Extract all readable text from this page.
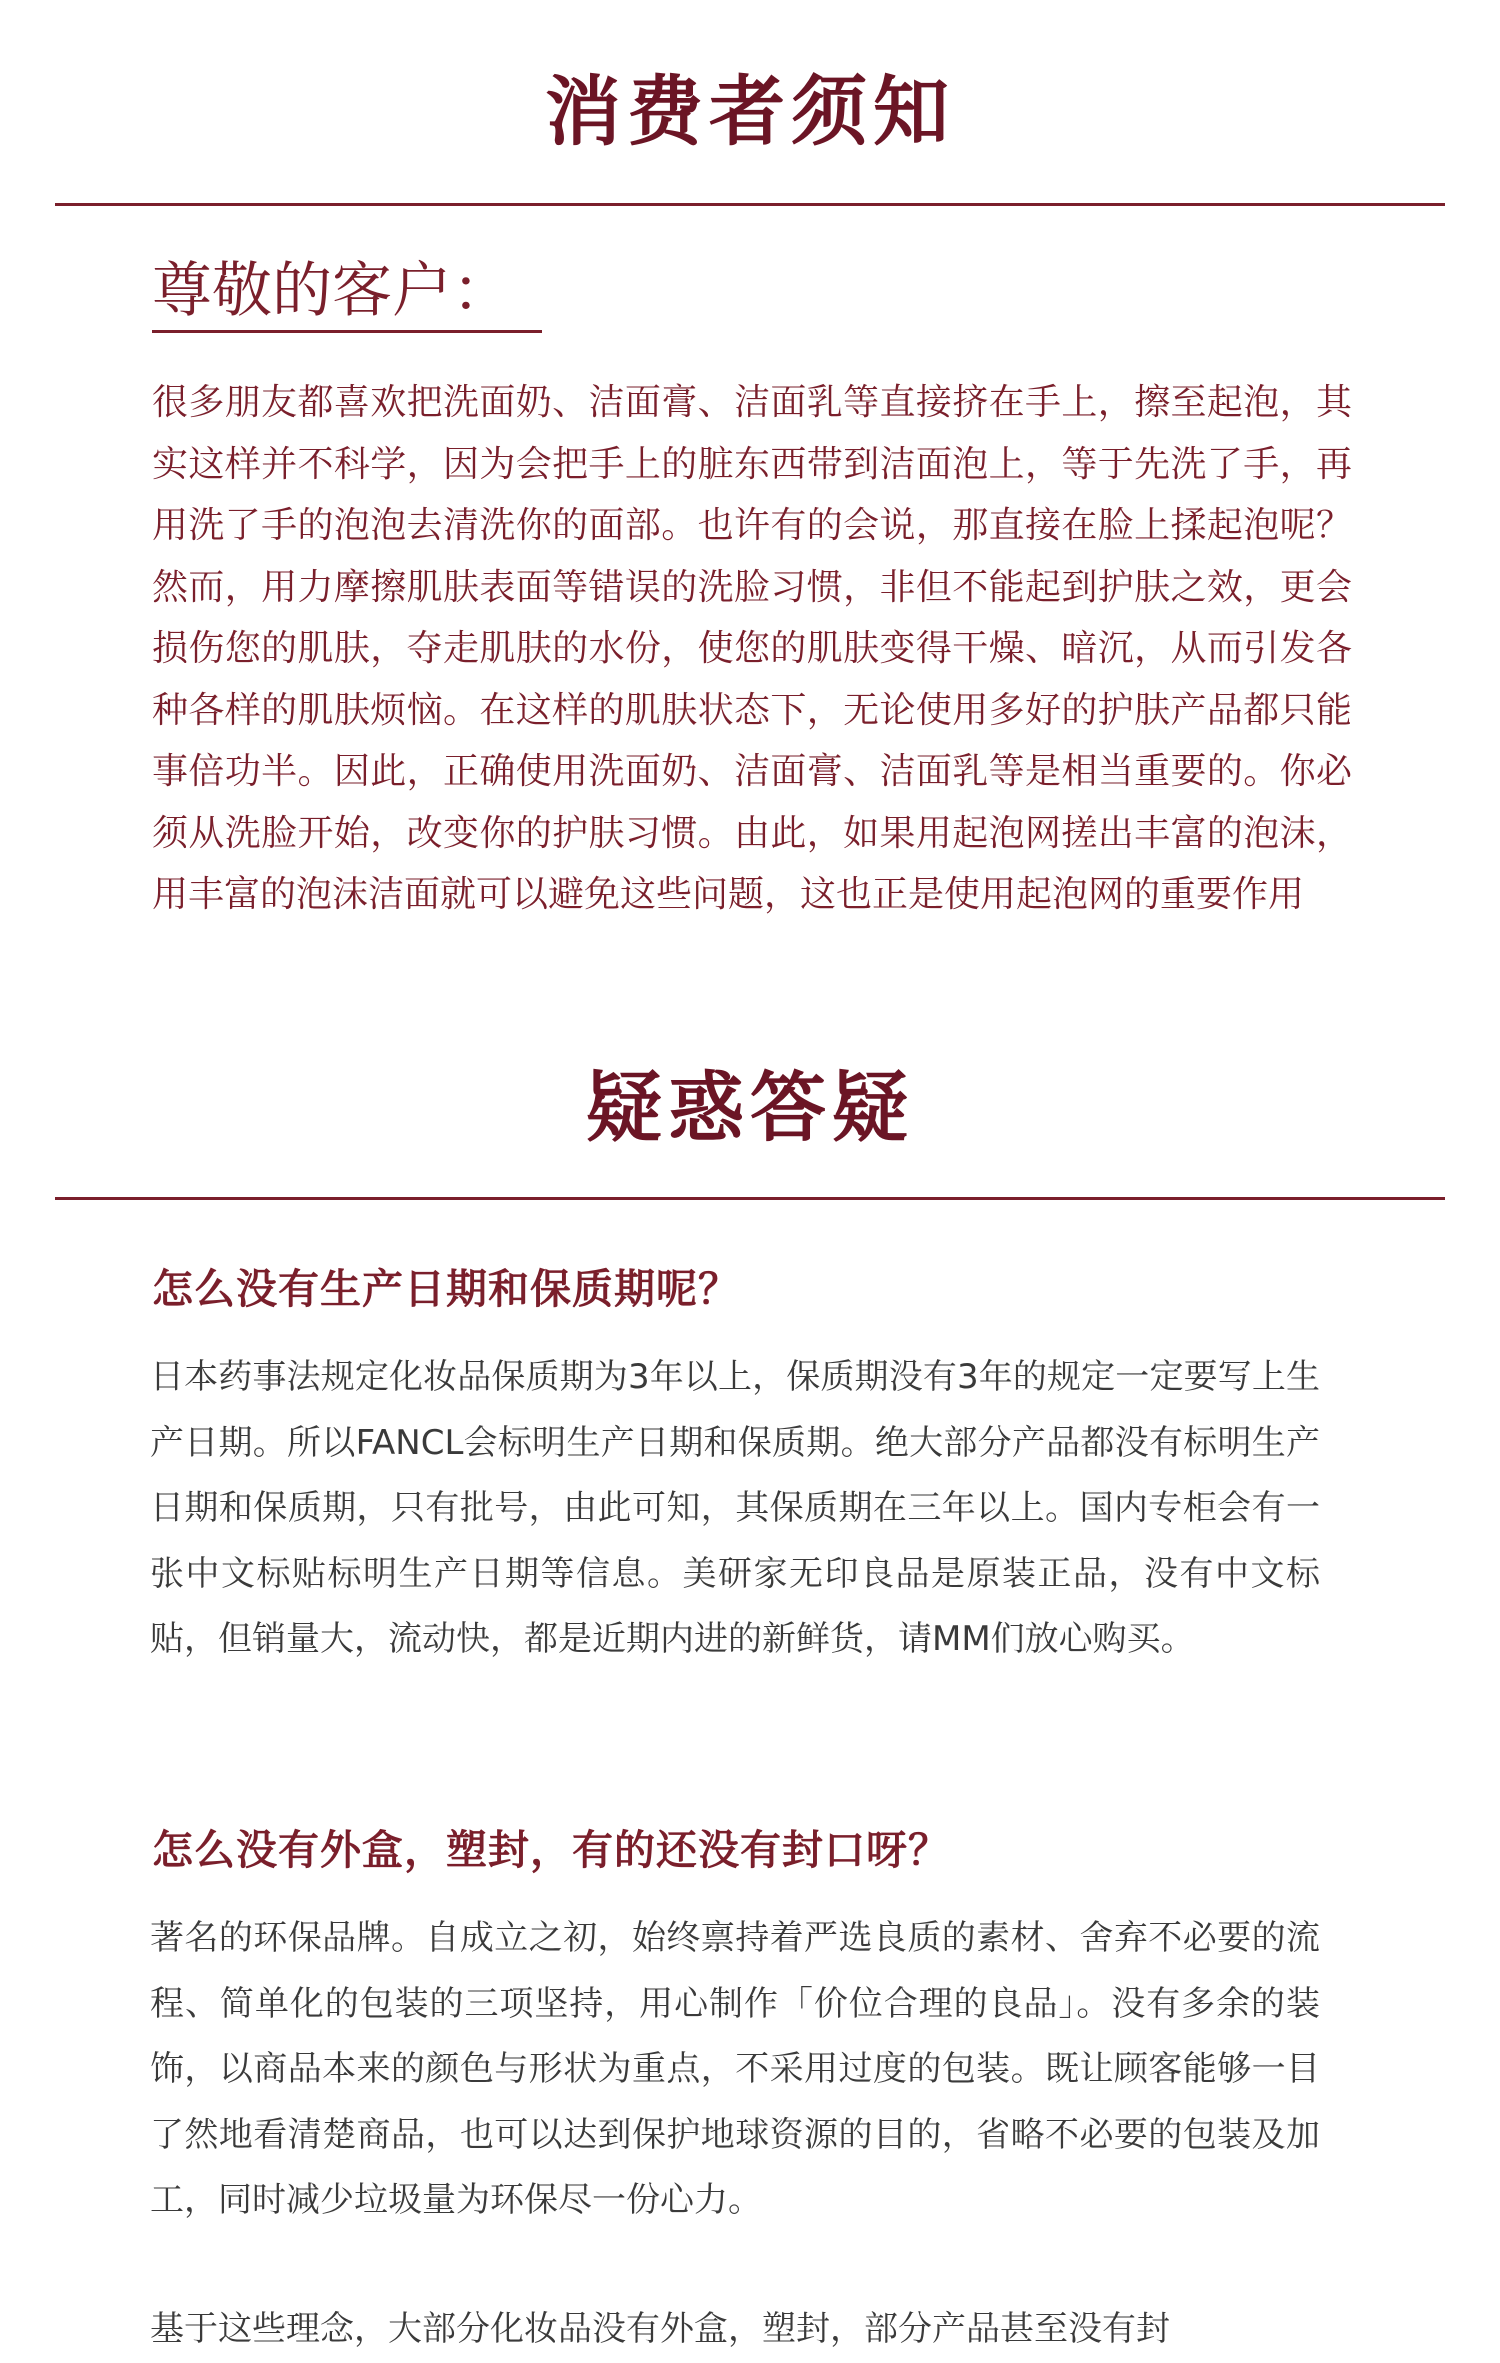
消费者须知
尊敬的客户：

很多朋友都喜欢把洗面奶、洁面膏、洁面乳等直接挤在手上，擦至起泡，其实这样并不科学，因为会把手上的脏东西带到洁面泡上，等于先洗了手，再用洗了手的泡泡去清洗你的面部。也许有的会说，那直接在脸上揉起泡呢？然而，用力摩擦肌肤表面等错误的洗脸习惯，非但不能起到护肤之效，更会损伤您的肌肤，夺走肌肤的水份，使您的肌肤变得干燥、暗沉，从而引发各种各样的肌肤烦恼。在这样的肌肤状态下，无论使用多好的护肤产品都只能事倍功半。因此，正确使用洗面奶、洁面膏、洁面乳等是相当重要的。你必须从洗脸开始，改变你的护肤习惯。由此，如果用起泡网搓出丰富的泡沫，用丰富的泡沫洁面就可以避免这些问题，这也正是使用起泡网的重要作用

疑惑答疑
怎么没有生产日期和保质期呢？

日本药事法规定化妆品保质期为3年以上，保质期没有3年的规定一定要写上生产日期。所以FANCL会标明生产日期和保质期。绝大部分产品都没有标明生产日期和保质期，只有批号，由此可知，其保质期在三年以上。国内专柜会有一张中文标贴标明生产日期等信息。美研家无印良品是原装正品，没有中文标贴，但销量大，流动快，都是近期内进的新鲜货，请MM们放心购买。

怎么没有外盒，塑封，有的还没有封口呀？

著名的环保品牌。自成立之初，始终禀持着严选良质的素材、舍弃不必要的流程、简单化的包装的三项坚持，用心制作「价位合理的良品」。没有多余的装饰，以商品本来的颜色与形状为重点，不采用过度的包装。既让顾客能够一目了然地看清楚商品，也可以达到保护地球资源的目的，省略不必要的包装及加工，同时减少垃圾量为环保尽一份心力。

基于这些理念，大部分化妆品没有外盒，塑封，部分产品甚至没有封
